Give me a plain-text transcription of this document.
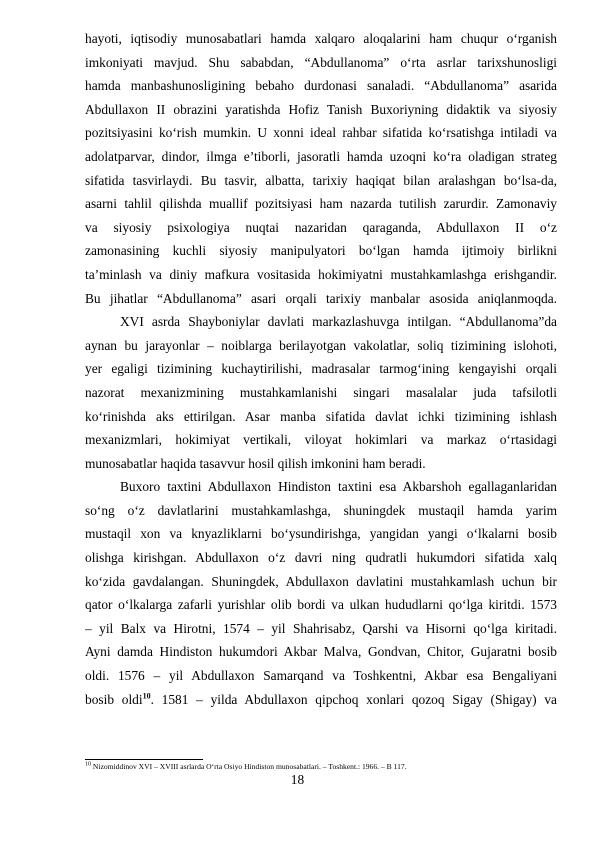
hayoti, iqtisodiy munosabatlari hamda xalqaro aloqalarini ham chuqur o‘rganish
imkoniyati mavjud. Shu sababdan, “Abdullanoma” o‘rta asrlar tarixshunosligi
hamda manbashunosligining bebaho durdonasi sanaladi. “Abdullanoma” asarida
Abdullaxon II obrazini yaratishda Hofiz Tanish Buxoriyning didaktik va siyosiy
pozitsiyasini ko‘rish mumkin. U xonni ideal rahbar sifatida ko‘rsatishga intiladi va
adolatparvar, dindor, ilmga e’tiborli, jasoratli hamda uzoqni ko‘ra oladigan strateg
sifatida tasvirlaydi. Bu tasvir, albatta, tarixiy haqiqat bilan aralashgan bo‘lsa-da,
asarni tahlil qilishda muallif pozitsiyasi ham nazarda tutilish zarurdir. Zamonaviy
va siyosiy psixologiya nuqtai nazaridan qaraganda, Abdullaxon II o‘z
zamonasining kuchli siyosiy manipulyatori bo‘lgan hamda ijtimoiy birlikni
ta’minlash va diniy mafkura vositasida hokimiyatni mustahkamlashga erishgandir.
Bu jihatlar “Abdullanoma” asari orqali tarixiy manbalar asosida aniqlanmoqda.
XVI asrda Shayboniylar davlati markazlashuvga intilgan. “Abdullanoma”da
aynan bu jarayonlar – noiblarga berilayotgan vakolatlar, soliq tizimining islohoti,
yer egaligi tizimining kuchaytirilishi, madrasalar tarmog‘ining kengayishi orqali
nazorat mexanizmining mustahkamlanishi singari masalalar juda tafsilotli
ko‘rinishda aks ettirilgan. Asar manba sifatida davlat ichki tizimining ishlash
mexanizmlari, hokimiyat vertikali, viloyat hokimlari va markaz o‘rtasidagi
munosabatlar haqida tasavvur hosil qilish imkonini ham beradi.
Buxoro taxtini Abdullaxon Hindiston taxtini esa Akbarshoh egallaganlaridan
so‘ng o‘z davlatlarini mustahkamlashga, shuningdek mustaqil hamda yarim
mustaqil xon va knyazliklarni bo‘ysundirishga, yangidan yangi o‘lkalarni bosib
olishga kirishgan. Abdullaxon o‘z davri ning qudratli hukumdori sifatida xalq
ko‘zida gavdalangan. Shuningdek, Abdullaxon davlatini mustahkamlash uchun bir
qator o‘lkalarga zafarli yurishlar olib bordi va ulkan hududlarni qo‘lga kiritdi. 1573
– yil Balx va Hirotni, 1574 – yil Shahrisabz, Qarshi va Hisorni qo‘lga kiritadi.
Ayni damda Hindiston hukumdori Akbar Malva, Gondvan, Chitor, Gujaratni bosib
oldi. 1576 – yil Abdullaxon Samarqand va Toshkentni, Akbar esa Bengaliyani
bosib oldi$^{10}$. 1581 – yilda Abdullaxon qipchoq xonlari qozoq Sigay (Shigay) va
$^{10}$ Nizomiddinov XVI – XVIII asrlarda O‘rta Osiyo Hindiston munosabatlari. – Toshkent.: 1966. – B 117.
18
